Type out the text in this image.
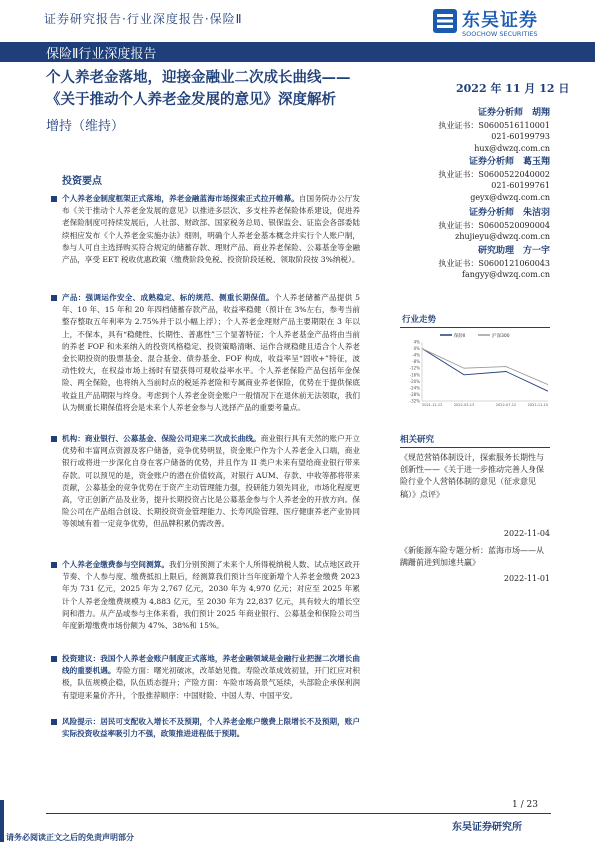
证券研究报告·行业深度报告·保险Ⅱ	东吴证券
SOOCHOW SECURITIES
保险Ⅱ行业深度报告
个人养老金落地，迎接金融业二次成长曲线——
《关于推动个人养老金发展的意见》深度解析
2022 年 11 月 12 日
增持（维持）
投资要点
个人养老金制度框架正式落地，养老金融蓝海市场探索正式拉开帷幕。自国务院办公厅发布《关于推动个人养老金发展的意见》以推进多层次、多支柱养老保险体系建设，促进养老保险制度可持续发展后，人社部、财政部、国家税务总局、银保监会、证监会各部委陆续相应发布《个人养老金实施办法》细则，明确个人养老金基本概念并实行个人账户制，参与人可自主选择购买符合规定的储蓄存款、理财产品、商业养老保险、公募基金等金融产品，享受 EET 税收优惠政策（缴费阶段免税、投资阶段延税、领取阶段按 3%纳税）。
产品：强调运作安全、成熟稳定、标的规范、侧重长期保值。个人养老储蓄产品提供 5 年、10 年、15 年和 20 年四档储蓄存款产品，收益率稳健（预计在 3%左右，参考当前整存整取五年利率为 2.75%并于以小幅上浮）；个人养老金理财产品主要期限在 3 年以上，不保本，具有“稳健性、长期性、普惠性”三个显著特征；个人养老基金产品将由当前的养老 FOF 和未来纳入的投资风格稳定、投资策略清晰、运作合规稳健且适合个人养老金长期投资的股票基金、混合基金、债券基金、FOF 构成，收益率呈“固收+”特征，波动性较大，在权益市场上扬时有望获得可观收益率水平。个人养老保险产品包括年金保险、两全保险，也将纳入当前时点的税延养老险和专属商业养老保险，优势在于提供保底收益且产品期限与终身。考虑到个人养老金资金账户一般情况下在退休前无法领取，我们认为侧重长期保值将会是未来个人养老金参与人选择产品的重要考量点。
机构：商业银行、公募基金、保险公司迎来二次成长曲线。商业银行具有天然的账户开立优势和丰富网点资源及客户储备，竞争优势明显，资金账户作为个人养老金入口端，商业银行或将进一步深化自身在客户储备的优势，并且作为 II 类户未来有望给商业银行带来存款。可以预见的是，资金账户的潜在价值较高，对银行 AUM、存款、中收等都将带来贡献，公募基金的竞争优势在于资产主动管理能力强，投研能力领先同业，市场化程度更高，守正创新产品及业务，提升长期投资占比是公募基金参与个人养老金的开放方向。保险公司在产品组合创设、长期投资资金管理能力、长寿风险管理、医疗健康养老产业协同等领域有着一定竞争优势，但品牌积累仍需改善。
个人养老金缴费参与空间测算。我们分别预测了未来个人所得税纳税人数、试点地区政开节奏、个人参与度、缴费抵扣上限后，经测算我们预计当年度新增个人养老金缴费 2023 年为 731 亿元，2025 年为 2,767 亿元，2030 年为 4,970 亿元；对应至 2025 年累计个人养老金缴费规模为 4,883 亿元，至 2030 年为 22,837 亿元，具有较大的增长空间和潜力。从产品或参与主体来看，我们预计 2025 年商业银行、公募基金和保险公司当年度新增缴费市场份额为 47%、38%和 15%。
投资建议：我国个人养老金账户制度正式落地，养老金融领域是金融行业把握二次增长曲线的重要机遇。寿险方面：曙光初破冰，改革始见微。寿险改革成效初显，开门红应对积极，队伍规模企稳，队伍质态提升；产险方面：车险市场高景气延续，头部险企承保利润有望迎来量价齐升，个股推荐顺序：中国财险、中国人寿、中国平安。
风险提示：居民可支配收入增长不及预期，个人养老金账户缴费上限增长不及预期，账户实际投资收益率吸引力不强，政策推进进程低于预期。
证券分析师　胡翔
执业证书：S0600516110001
021-60199793
hux@dwzq.com.cn
证券分析师　葛玉翔
执业证书：S0600522040002
021-60199761
geyx@dwzq.com.cn
证券分析师　朱洁羽
执业证书：S0600520090004
zhujieyu@dwzq.com.cn
研究助理　方一宇
执业证书：S0600121060043
fangyy@dwzq.com.cn
行业走势
保险Ⅱ	沪深300
4%
0%
-4%
-8%
-12%
-16%
-20%
-24%
-28%
-32%
2021-11-12	2022-03-13	2022-07-12	2022-11-10
相关研究
《规范营销体制设计，探索服务长期性与创新性——《关于进一步推动完善人身保险行业个人营销体制的意见（征求意见稿）》点评》
2022-11-04
《新能源车险专题分析：蓝海市场——从蹒跚前进到加速共赢》
2022-11-01
1 / 23
东吴证券研究所
请务必阅读正文之后的免责声明部分
